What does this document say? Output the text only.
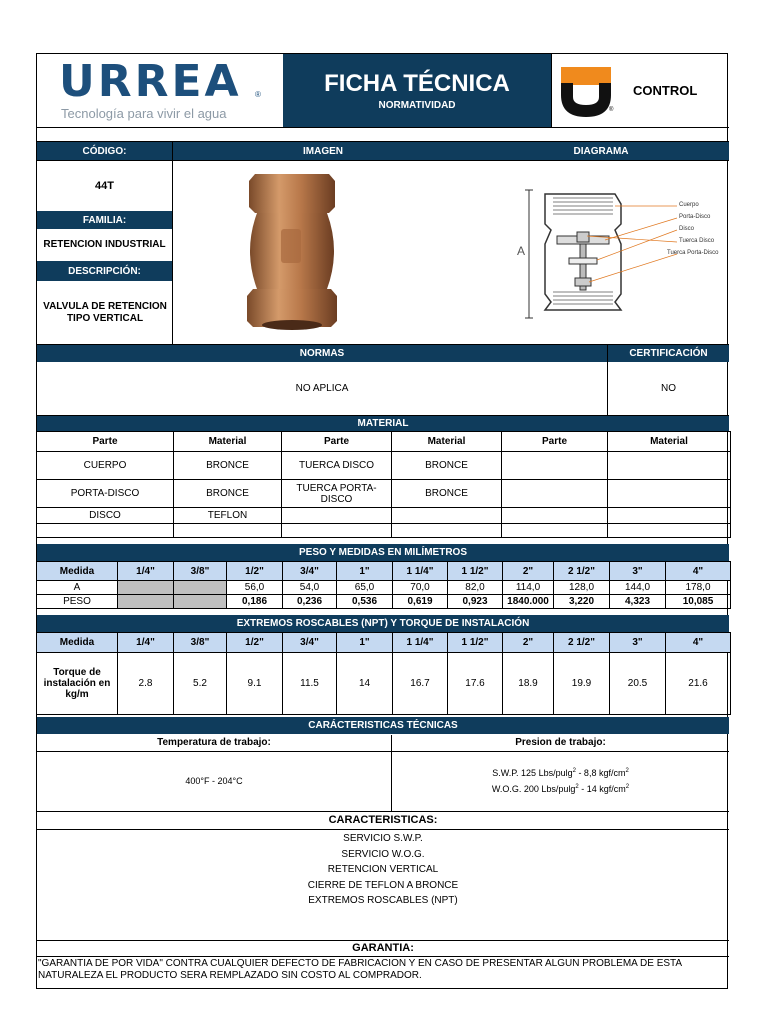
URREA ®
Tecnología para vivir el agua
FICHA TÉCNICA
NORMATIVIDAD	®
CONTROL
CÓDIGO:	IMAGEN	DIAGRAMA
44T
FAMILIA:
RETENCION INDUSTRIAL
DESCRIPCIÓN:
VALVULA DE RETENCION TIPO VERTICAL
A
Cuerpo
Porta-Disco
Disco
Tuerca Disco
Tuerca Porta-Disco
NORMAS	CERTIFICACIÓN
NO APLICA	NO
MATERIAL
Parte	Material	Parte	Material	Parte	Material
CUERPO	BRONCE	TUERCA DISCO	BRONCE		
PORTA-DISCO	BRONCE	TUERCA PORTA-DISCO	BRONCE		
DISCO	TEFLON				

PESO Y MEDIDAS EN MILÍMETROS
Medida	1/4"	3/8"	1/2"	3/4"	1"	1 1/4"	1 1/2"	2"	2 1/2"	3"	4"
A			56,0	54,0	65,0	70,0	82,0	114,0	128,0	144,0	178,0
PESO			0,186	0,236	0,536	0,619	0,923	1840.000	3,220	4,323	10,085
EXTREMOS ROSCABLES (NPT) Y TORQUE DE INSTALACIÓN
Medida	1/4"	3/8"	1/2"	3/4"	1"	1 1/4"	1 1/2"	2"	2 1/2"	3"	4"
Torque de instalación en kg/m	2.8	5.2	9.1	11.5	14	16.7	17.6	18.9	19.9	20.5	21.6
CARÁCTERISTICAS TÉCNICAS
Temperatura de trabajo:	Presion de trabajo:
400°F - 204°C
S.W.P. 125 Lbs/pulg$^2$ - 8,8 kgf/$cm^2$
W.O.G. 200 Lbs/pulg$^2$ - 14 kgf/$cm^2$
CARACTERISTICAS:
SERVICIO S.W.P.
SERVICIO W.O.G.
RETENCION VERTICAL
CIERRE DE TEFLON A BRONCE
EXTREMOS ROSCABLES (NPT)
GARANTIA:
"GARANTIA DE POR VIDA" CONTRA CUALQUIER DEFECTO DE FABRICACION Y EN CASO DE PRESENTAR ALGUN PROBLEMA DE ESTA NATURALEZA EL PRODUCTO SERA REMPLAZADO SIN COSTO AL COMPRADOR.
